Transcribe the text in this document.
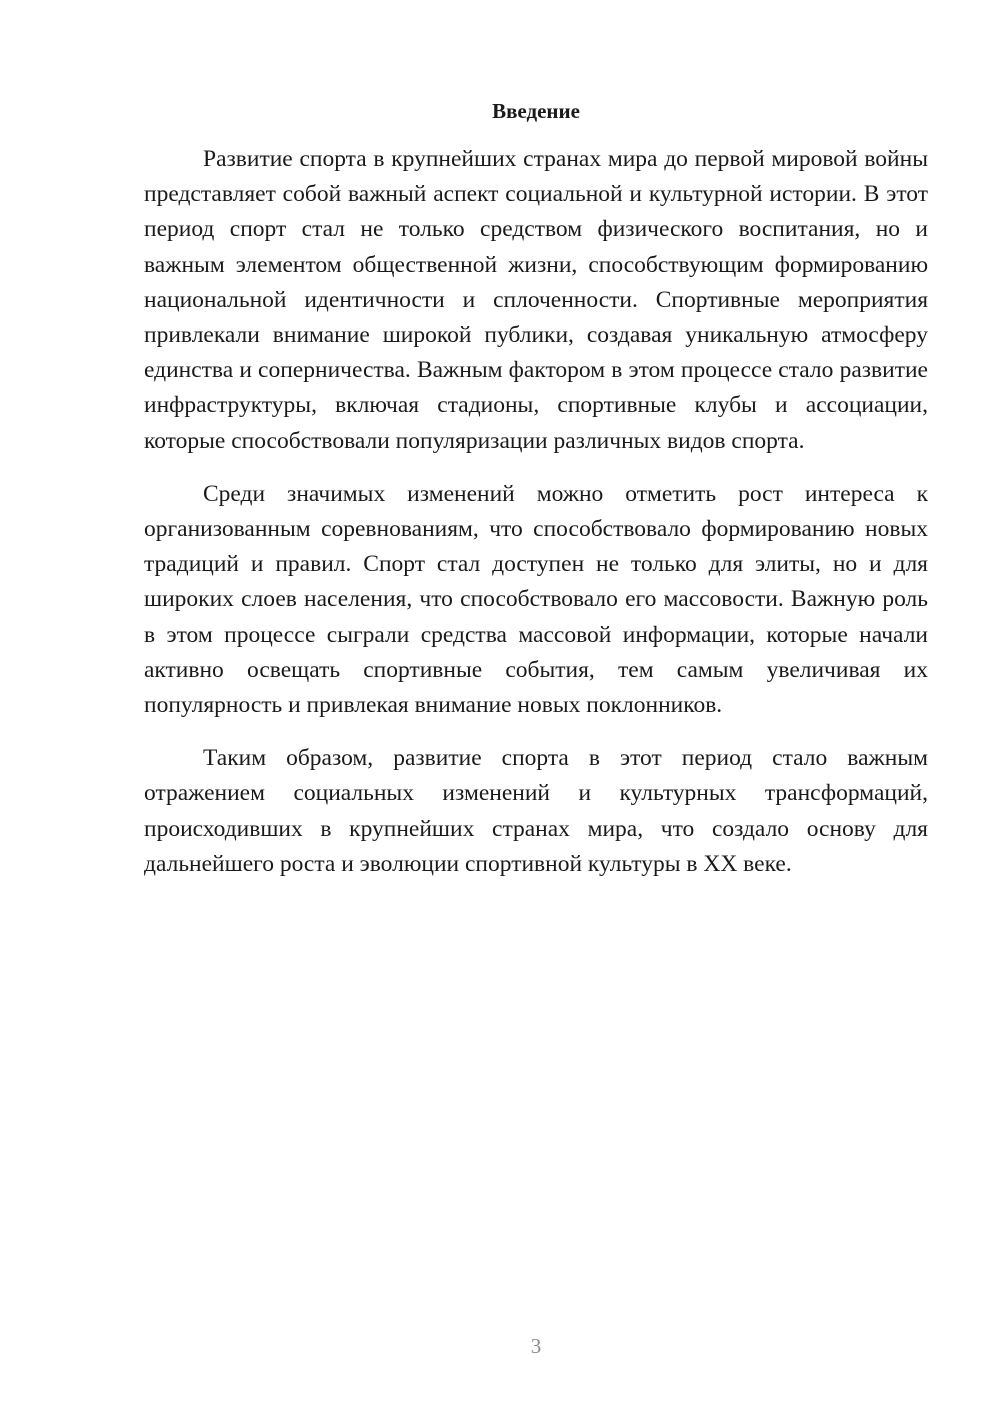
Введение

Развитие спорта в крупнейших странах мира до первой мировой войны представляет собой важный аспект социальной и культурной истории. В этот период спорт стал не только средством физического воспитания, но и важным элементом общественной жизни, способствующим формированию национальной идентичности и сплоченности. Спортивные мероприятия привлекали внимание широкой публики, создавая уникальную атмосферу единства и соперничества. Важным фактором в этом процессе стало развитие инфраструктуры, включая стадионы, спортивные клубы и ассоциации, которые способствовали популяризации различных видов спорта.

Среди значимых изменений можно отметить рост интереса к организованным соревнованиям, что способствовало формированию новых традиций и правил. Спорт стал доступен не только для элиты, но и для широких слоев населения, что способствовало его массовости. Важную роль в этом процессе сыграли средства массовой информации, которые начали активно освещать спортивные события, тем самым увеличивая их популярность и привлекая внимание новых поклонников.

Таким образом, развитие спорта в этот период стало важным отражением социальных изменений и культурных трансформаций, происходивших в крупнейших странах мира, что создало основу для дальнейшего роста и эволюции спортивной культуры в XX веке.

3
